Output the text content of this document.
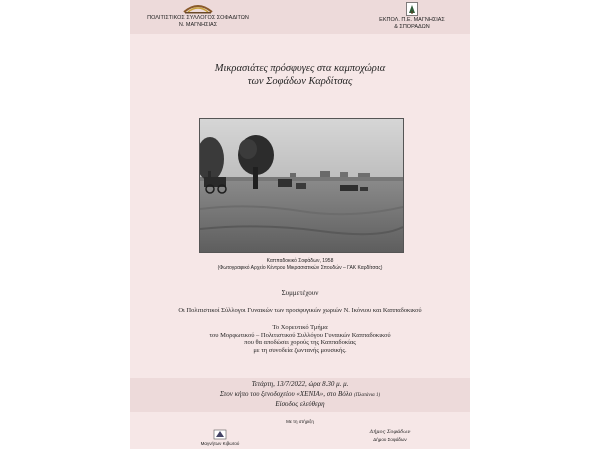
ΠΟΛΙΤΙΣΤΙΚΟΣ ΣΥΛΛΟΓΟΣ ΣΟΦΑΔΙΤΩΝ
Ν. ΜΑΓΝΗΣΙΑΣ
ΕΚΠΟΛ. Π.Ε. ΜΑΓΝΗΣΙΑΣ
& ΣΠΟΡΑΔΩΝ
Μικρασιάτες πρόσφυγες στα καμποχώρια
των Σοφάδων Καρδίτσας
Καππαδοκικό Σοφάδων, 1958
(Φωτογραφικό Αρχείο Κέντρου Μικρασιατικών Σπουδών – ΓΑΚ Καρδίτσας)
Συμμετέχουν
Οι Πολιτιστικοί Σύλλογοι Γυναικών των προσφυγικών χωριών Ν. Ικόνιου και Καππαδοκικού
Το Χορευτικό Τμήμα
του Μορφωτικού – Πολιτιστικού Συλλόγου Γυναικών Καππαδοκικού
που θα αποδώσει χορούς της Καππαδοκίας
με τη συνοδεία ζωντανής μουσικής.
Τετάρτη, 13/7/2022, ώρα 8.30 μ. μ.
Στον κήπο του ξενοδοχείου «XENIA», στο Βόλο (Πλατάνια 1)
Είσοδος ελεύθερη
Με τη στήριξη
Μαγνήτων Κιβωτού
Δήμος Σοφάδων
Δήμου Σοφάδων
